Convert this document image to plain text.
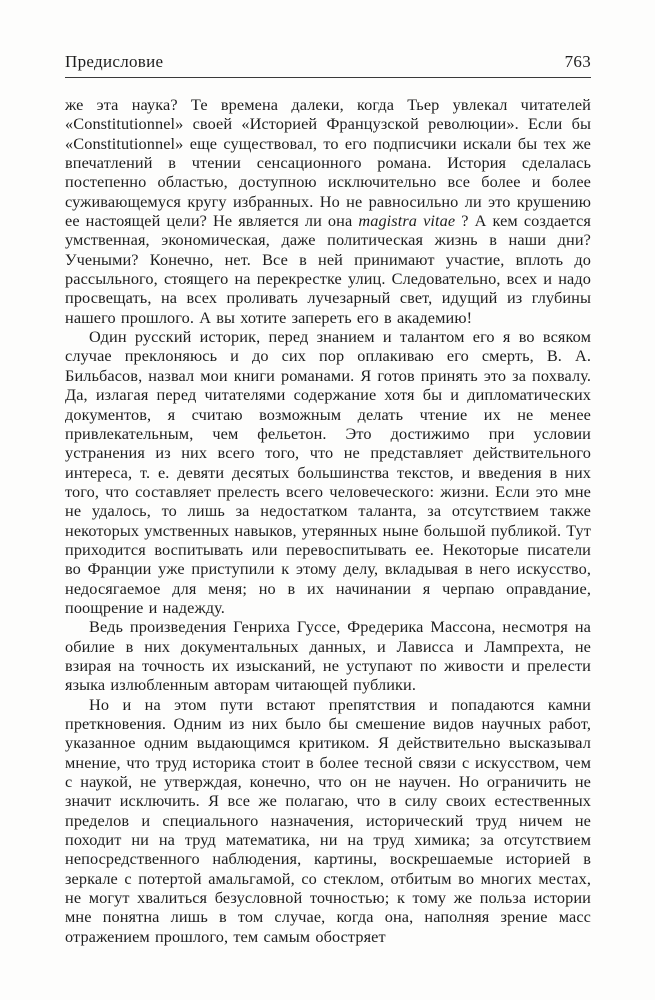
Предисловие	763

же эта наука? Те времена далеки, когда Тьер увлекал читателей «Constitutionnel» своей «Историей Французской революции». Если бы «Constitutionnel» еще существовал, то его подписчики искали бы тех же впечатлений в чтении сенсационного романа. История сделалась постепенно областью, доступною исключительно все более и более суживающемуся кругу избранных. Но не равносильно ли это крушению ее настоящей цели? Не является ли она magistra vitae ? А кем создается умственная, экономическая, даже политическая жизнь в наши дни? Учеными? Конечно, нет. Все в ней принимают участие, вплоть до рассыльного, стоящего на перекрестке улиц. Следовательно, всех и надо просвещать, на всех проливать лучезарный свет, идущий из глубины нашего прошлого. А вы хотите запереть его в академию!

Один русский историк, перед знанием и талантом его я во всяком случае преклоняюсь и до сих пор оплакиваю его смерть, В. А. Бильбасов, назвал мои книги романами. Я готов принять это за похвалу. Да, излагая перед читателями содержание хотя бы и дипломатических документов, я считаю возможным делать чтение их не менее привлекательным, чем фельетон. Это достижимо при условии устранения из них всего того, что не представляет действительного интереса, т. е. девяти десятых большинства текстов, и введения в них того, что составляет прелесть всего человеческого: жизни. Если это мне не удалось, то лишь за недостатком таланта, за отсутствием также некоторых умственных навыков, утерянных ныне большой публикой. Тут приходится воспитывать или перевоспитывать ее. Некоторые писатели во Франции уже приступили к этому делу, вкладывая в него искусство, недосягаемое для меня; но в их начинании я черпаю оправдание, поощрение и надежду.

Ведь произведения Генриха Гуссе, Фредерика Массона, несмотря на обилие в них документальных данных, и Лависса и Лампрехта, не взирая на точность их изысканий, не уступают по живости и прелести языка излюбленным авторам читающей публики.

Но и на этом пути встают препятствия и попадаются камни преткновения. Одним из них было бы смешение видов научных работ, указанное одним выдающимся критиком. Я действительно высказывал мнение, что труд историка стоит в более тесной связи с искусством, чем с наукой, не утверждая, конечно, что он не научен. Но ограничить не значит исключить. Я все же полагаю, что в силу своих естественных пределов и специального назначения, исторический труд ничем не походит ни на труд математика, ни на труд химика; за отсутствием непосредственного наблюдения, картины, воскрешаемые историей в зеркале с потертой амальгамой, со стеклом, отбитым во многих местах, не могут хвалиться безусловной точностью; к тому же польза истории мне понятна лишь в том случае, когда она, наполняя зрение масс отражением прошлого, тем самым обостряет
